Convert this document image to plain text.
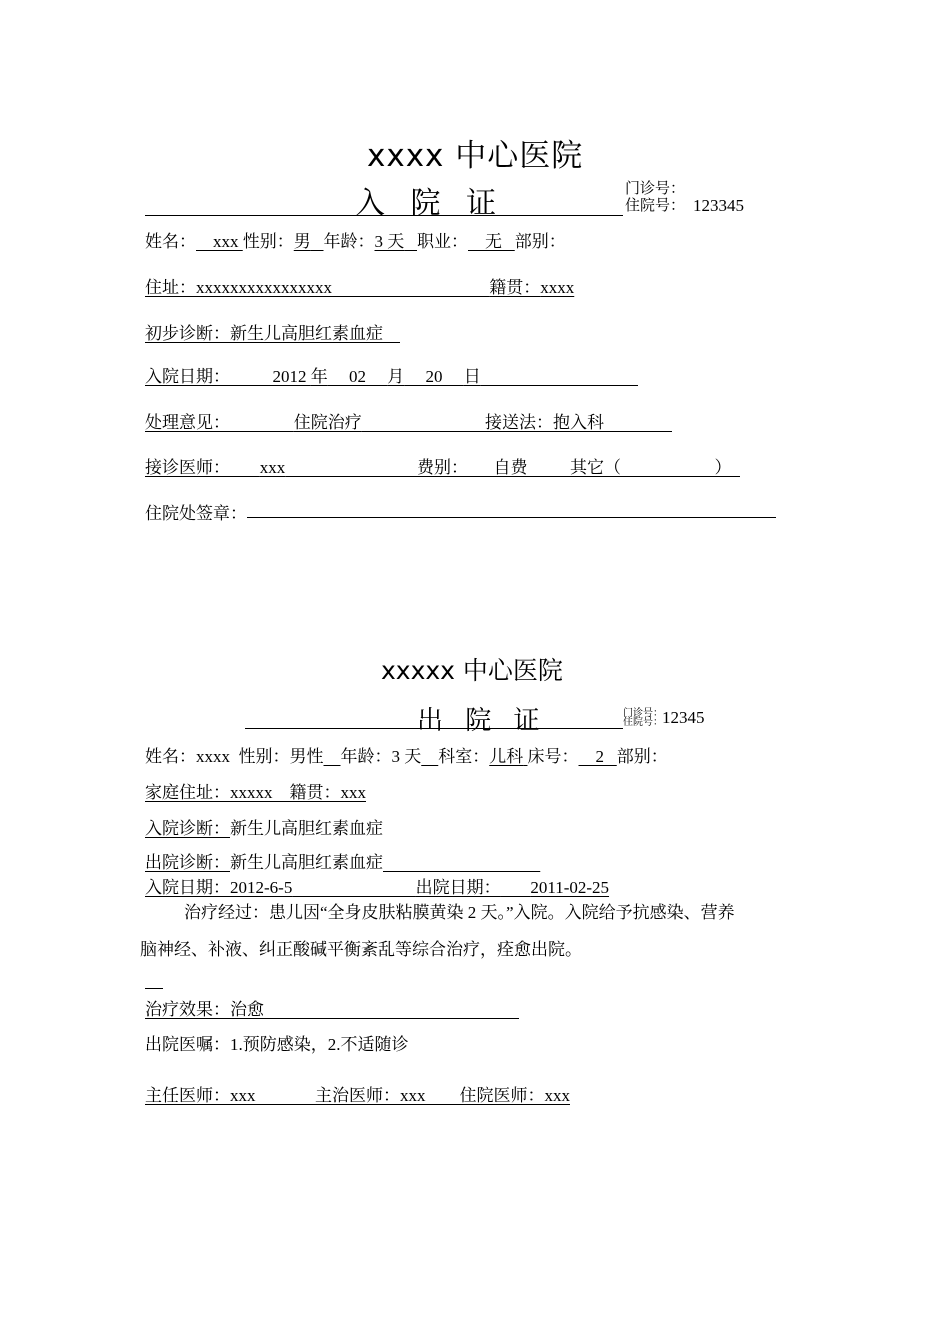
xxxx 中心医院
入 院 证	门诊号：
住院号： 123345
姓名： xxx 性别：男 年龄：3 天 职业： 无 部别：
住址：xxxxxxxxxxxxxxxx	籍贯：xxxx
初步诊断：新生儿高胆红素血症
入院日期：	2012 年 02 月 20 日
处理意见：	住院治疗	接送法：抱入科
接诊医师： xxx	费别： 自费	其它（	）
住院处签章：
xxxxx 中心医院
出 院 证	门诊号：
住院号： 12345
姓名：xxxx 性别：男性 年龄：3 天 科室：儿科 床号： 2 部别：
家庭住址：xxxxx 籍贯：xxx
入院诊断：新生儿高胆红素血症
出院诊断：新生儿高胆红素血症
入院日期：2012-6-5	出院日期： 2011-02-25
治疗经过：患儿因“全身皮肤粘膜黄染 2 天。”入院。入院给予抗感染、营养
脑神经、补液、纠正酸碱平衡紊乱等综合治疗，痊愈出院。
治疗效果：治愈
出院医嘱：1.预防感染，2.不适随诊
主任医师：xxx	主治医师：xxx 住院医师：xxx
